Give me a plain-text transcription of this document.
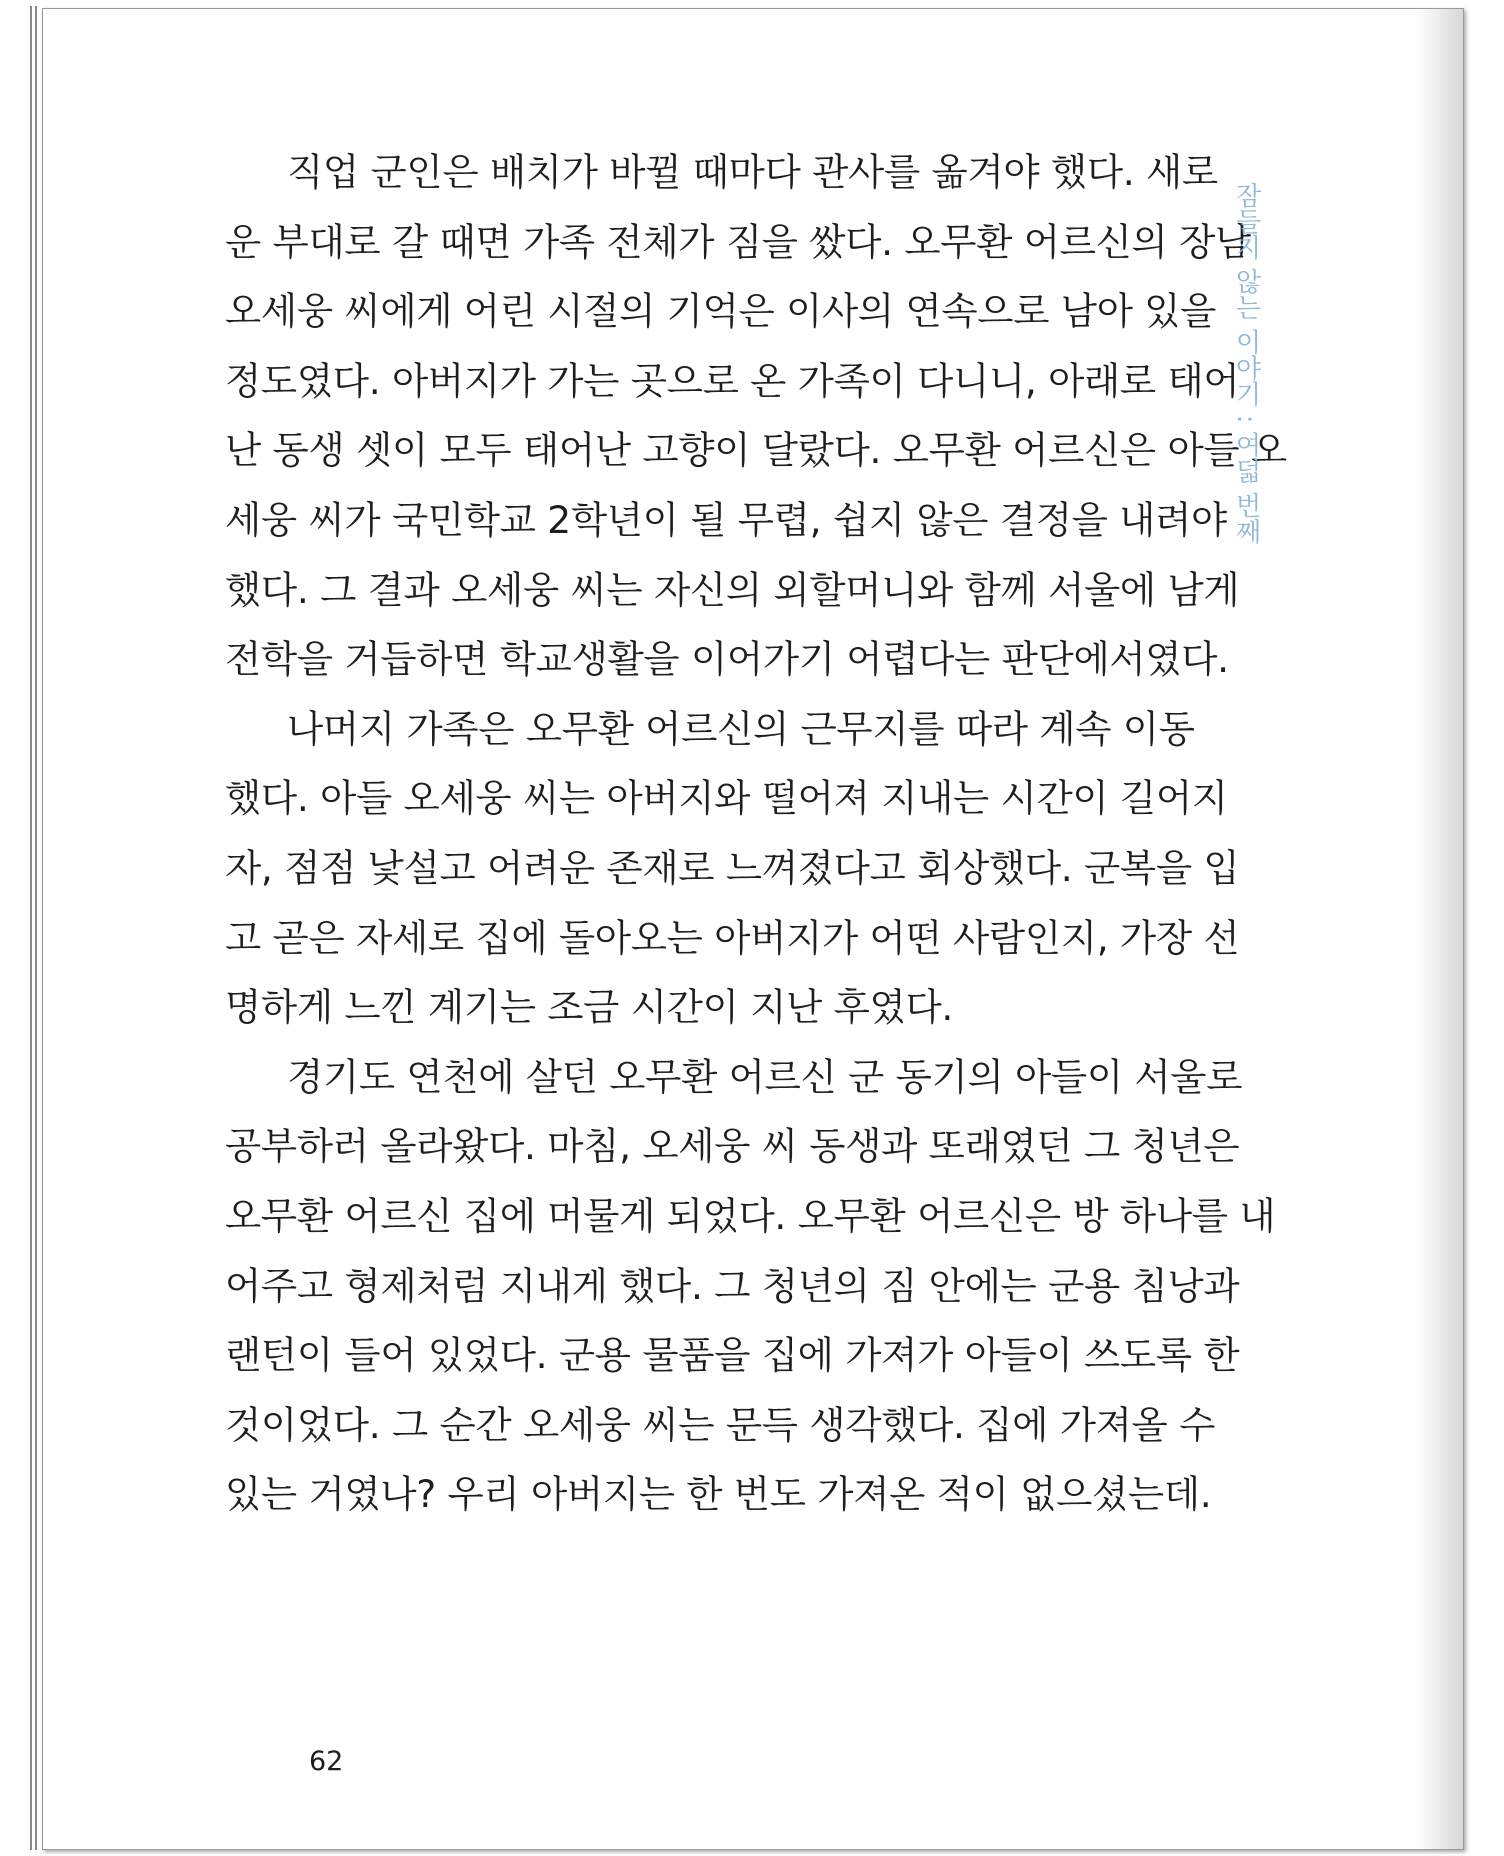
직업 군인은 배치가 바뀔 때마다 관사를 옮겨야 했다. 새로
운 부대로 갈 때면 가족 전체가 짐을 쌌다. 오무환 어르신의 장남
오세웅 씨에게 어린 시절의 기억은 이사의 연속으로 남아 있을
정도였다. 아버지가 가는 곳으로 온 가족이 다니니, 아래로 태어
난 동생 셋이 모두 태어난 고향이 달랐다. 오무환 어르신은 아들 오
세웅 씨가 국민학교 2학년이 될 무렵, 쉽지 않은 결정을 내려야
했다. 그 결과 오세웅 씨는 자신의 외할머니와 함께 서울에 남게
전학을 거듭하면 학교생활을 이어가기 어렵다는 판단에서였다.

나머지 가족은 오무환 어르신의 근무지를 따라 계속 이동
했다. 아들 오세웅 씨는 아버지와 떨어져 지내는 시간이 길어지
자, 점점 낯설고 어려운 존재로 느껴졌다고 회상했다. 군복을 입
고 곧은 자세로 집에 돌아오는 아버지가 어떤 사람인지, 가장 선
명하게 느낀 계기는 조금 시간이 지난 후였다.

경기도 연천에 살던 오무환 어르신 군 동기의 아들이 서울로
공부하러 올라왔다. 마침, 오세웅 씨 동생과 또래였던 그 청년은
오무환 어르신 집에 머물게 되었다. 오무환 어르신은 방 하나를 내
어주고 형제처럼 지내게 했다. 그 청년의 짐 안에는 군용 침낭과
랜턴이 들어 있었다. 군용 물품을 집에 가져가 아들이 쓰도록 한
것이었다. 그 순간 오세웅 씨는 문득 생각했다. 집에 가져올 수
있는 거였나? 우리 아버지는 한 번도 가져온 적이 없으셨는데.

잠들지 않는 이야기 : 여덟 번째
62
